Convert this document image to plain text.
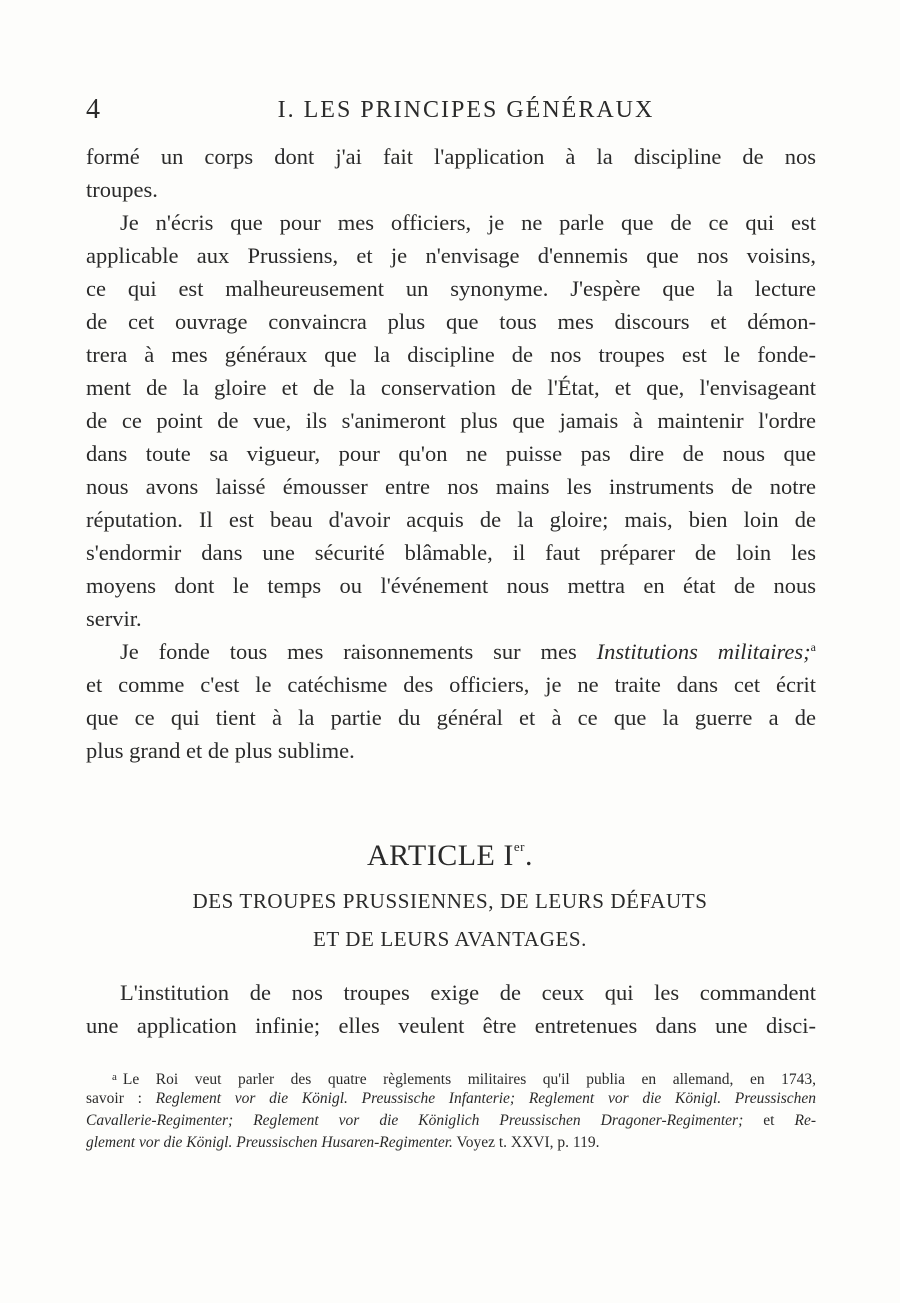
4	I. LES PRINCIPES GÉNÉRAUX
formé un corps dont j'ai fait l'application à la discipline de nos
troupes.
Je n'écris que pour mes officiers, je ne parle que de ce qui est
applicable aux Prussiens, et je n'envisage d'ennemis que nos voisins,
ce qui est malheureusement un synonyme. J'espère que la lecture
de cet ouvrage convaincra plus que tous mes discours et démon-
trera à mes généraux que la discipline de nos troupes est le fonde-
ment de la gloire et de la conservation de l'État, et que, l'envisageant
de ce point de vue, ils s'animeront plus que jamais à maintenir l'ordre
dans toute sa vigueur, pour qu'on ne puisse pas dire de nous que
nous avons laissé émousser entre nos mains les instruments de notre
réputation. Il est beau d'avoir acquis de la gloire; mais, bien loin de
s'endormir dans une sécurité blâmable, il faut préparer de loin les
moyens dont le temps ou l'événement nous mettra en état de nous
servir.
Je fonde tous mes raisonnements sur mes Institutions militaires;$^a$
et comme c'est le catéchisme des officiers, je ne traite dans cet écrit
que ce qui tient à la partie du général et à ce que la guerre a de
plus grand et de plus sublime.
ARTICLE Ier.
DES TROUPES PRUSSIENNES, DE LEURS DÉFAUTS
ET DE LEURS AVANTAGES.
L'institution de nos troupes exige de ceux qui les commandent
une application infinie; elles veulent être entretenues dans une disci-
$^a$ Le Roi veut parler des quatre règlements militaires qu'il publia en allemand, en 1743,
savoir : Reglement vor die Königl. Preussische Infanterie; Reglement vor die Königl. Preussischen
Cavallerie-Regimenter; Reglement vor die Königlich Preussischen Dragoner-Regimenter; et Re-
glement vor die Königl. Preussischen Husaren-Regimenter. Voyez t. XXVI, p. 119.
